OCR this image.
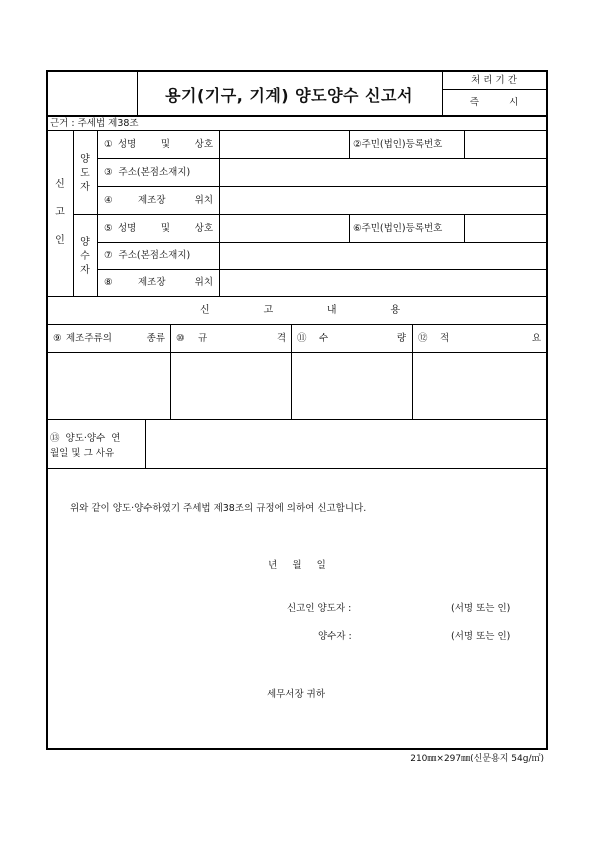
용기(기구, 기계) 양도양수 신고서
처 리 기 간
즉          시
근거 : 주세법 제38조
신
고
인
양
도
자
양
수
자
① 성명	및	상호	②주민(법인)등록번호
③  주소(본점소재지)
④	제조장	위치
⑤ 성명	및	상호	⑥주민(법인)등록번호
⑦  주소(본점소재지)
⑧	제조장	위치
신	고	내	용
⑨ 제조주류의	종류 ⑩ 규	격 ⑪ 수	량 ⑫ 적	요
⑬  양도·양수  연
월일 및 그 사유
위와 같이 양도·양수하였기 주세법 제38조의 규정에 의하여 신고합니다.
년     월     일
신고인 양도자 :	(서명 또는 인)
양수자 :	(서명 또는 인)
세무서장 귀하
210㎜×297㎜(신문용지 54g/㎡)
